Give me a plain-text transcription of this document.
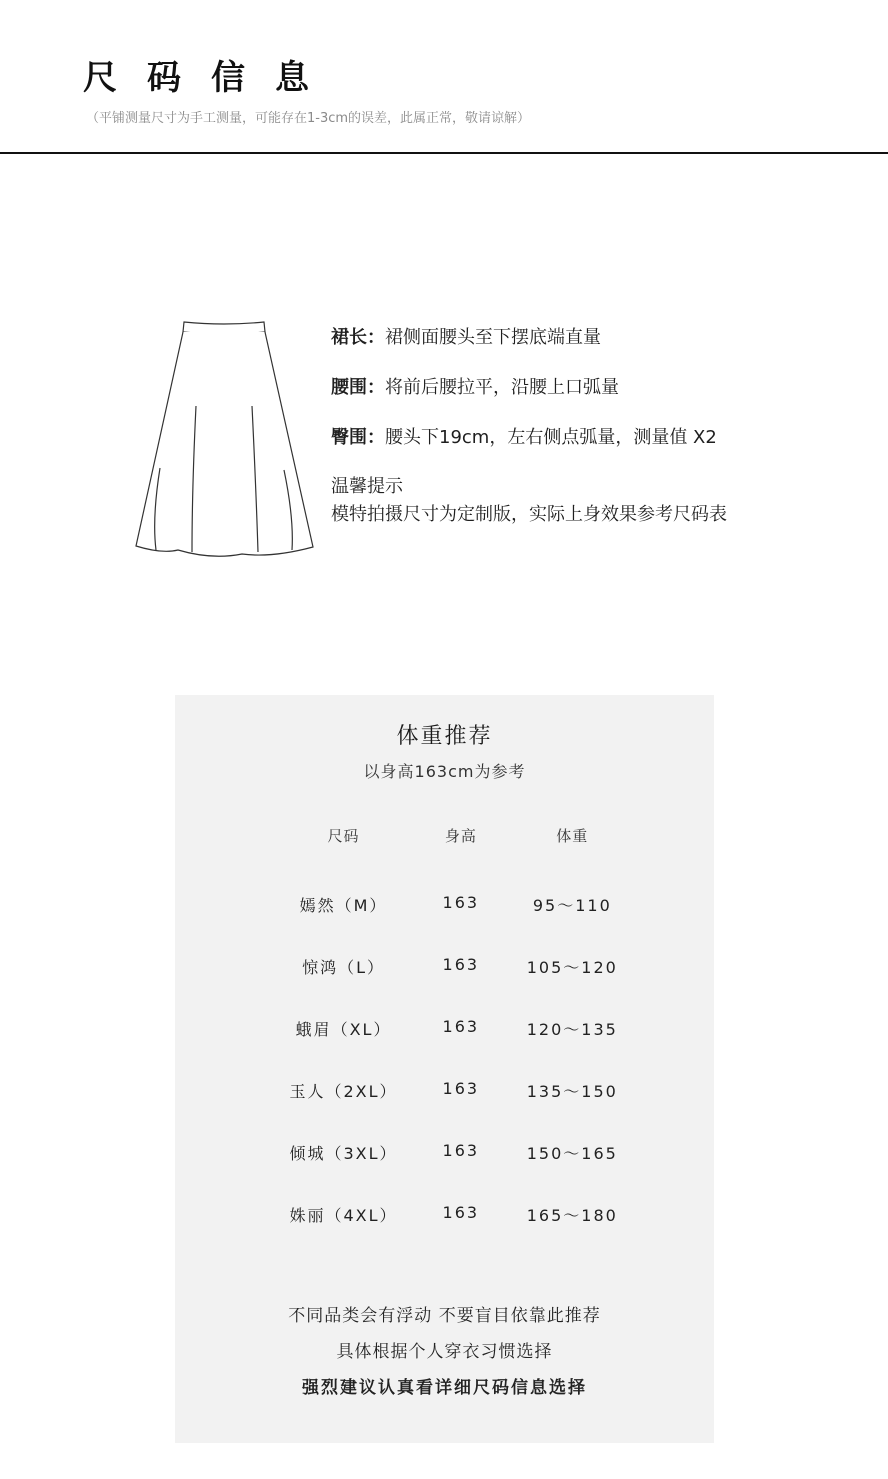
尺码信息
（平铺测量尺寸为手工测量，可能存在1-3cm的误差，此属正常，敬请谅解）
裙长：裙侧面腰头至下摆底端直量
腰围：将前后腰拉平，沿腰上口弧量
臀围：腰头下19cm，左右侧点弧量，测量值 X2
温馨提示
模特拍摄尺寸为定制版，实际上身效果参考尺码表
体重推荐
以身高163cm为参考
尺码	身高	体重
嫣然（M）	163	95～110
惊鸿（L）	163	105～120
蛾眉（XL）	163	120～135
玉人（2XL）	163	135～150
倾城（3XL）	163	150～165
姝丽（4XL）	163	165～180
不同品类会有浮动 不要盲目依靠此推荐
具体根据个人穿衣习惯选择
强烈建议认真看详细尺码信息选择
